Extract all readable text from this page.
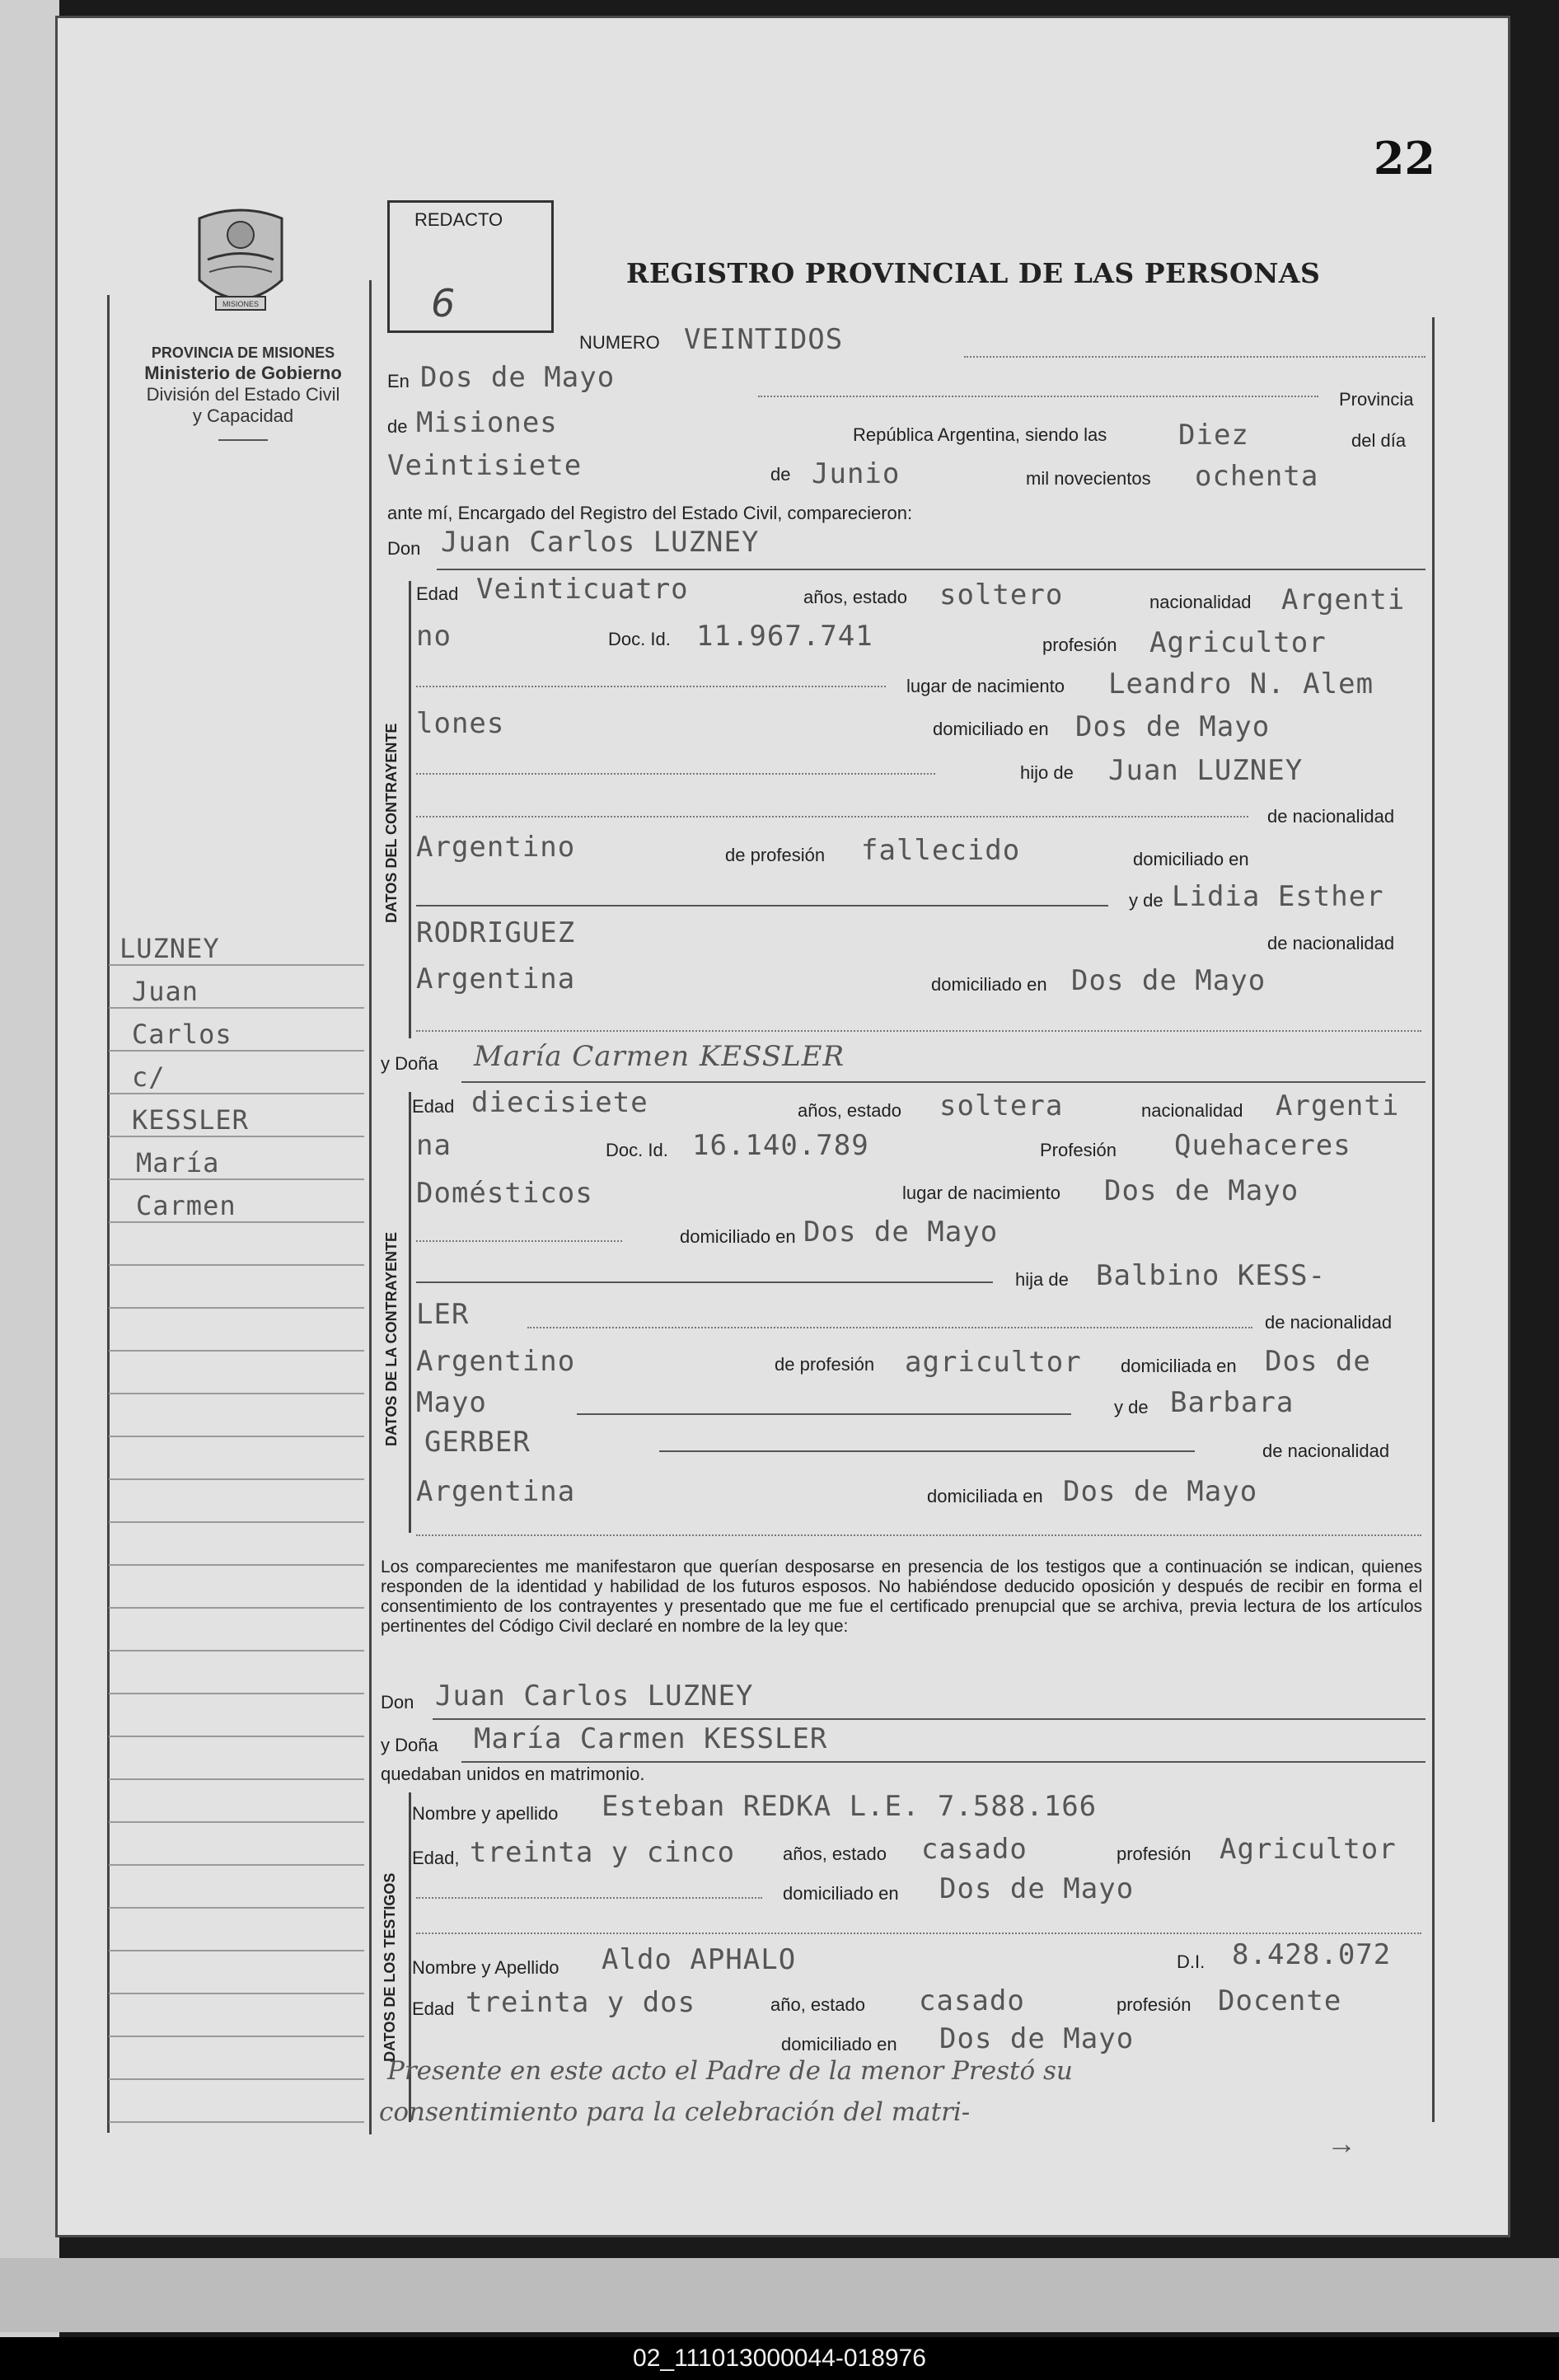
22
MISIONES
PROVINCIA DE MISIONES
Ministerio de Gobierno
División del Estado Civil
y Capacidad
REDACTO
6
REGISTRO PROVINCIAL DE LAS PERSONAS
NUMERO VEINTIDOS
En Dos de Mayo
Provincia
de Misiones	República Argentina, siendo las	Diez	del día
Veintisiete	de Junio	mil novecientos ochenta
ante mí, Encargado del Registro del Estado Civil, comparecieron:
Don Juan Carlos LUZNEY
DATOS DEL CONTRAYENTE
Edad Veinticuatro	años, estado soltero	nacionalidad Argenti
no	Doc. Id. 11.967.741	profesión Agricultor
lugar de nacimiento Leandro N. Alem
lones	domiciliado en Dos de Mayo
hijo de Juan LUZNEY
de nacionalidad
Argentino	de profesión fallecido	domiciliado en
y de Lidia Esther
RODRIGUEZ	de nacionalidad
Argentina	domiciliado en Dos de Mayo
y Doña María Carmen KESSLER
DATOS DE LA CONTRAYENTE
Edad diecisiete	años, estado soltera	nacionalidad Argenti
na	Doc. Id. 16.140.789	Profesión Quehaceres
Domésticos	lugar de nacimiento Dos de Mayo
domiciliado en Dos de Mayo
hija de Balbino KESS-
LER	de nacionalidad
Argentino	de profesión agricultor domiciliada en Dos de
Mayo	y de Barbara
GERBER	de nacionalidad
Argentina	domiciliada en Dos de Mayo
LUZNEY
Juan
Carlos
c/
KESSLER
María
Carmen
Los comparecientes me manifestaron que querían desposarse en presencia de los testigos que a continuación se indican, quienes responden de la identidad y habilidad de los futuros esposos. No habiéndose deducido oposición y después de recibir en forma el consentimiento de los contrayentes y presentado que me fue el certificado prenupcial que se archiva, previa lectura de los artículos pertinentes del Código Civil declaré en nombre de la ley que:
Don Juan Carlos LUZNEY
y Doña María Carmen KESSLER
quedaban unidos en matrimonio.
DATOS DE LOS TESTIGOS
Nombre y apellido Esteban REDKA L.E. 7.588.166
Edad, treinta y cinco	años, estado casado	profesión Agricultor
domiciliado en Dos de Mayo
Nombre y Apellido Aldo APHALO	D.I. 8.428.072
Edad treinta y dos	año, estado casado	profesión Docente
domiciliado en Dos de Mayo
Presente en este acto el Padre de la menor Prestó su
consentimiento para la celebración del matri-
→
02_111013000044-018976
